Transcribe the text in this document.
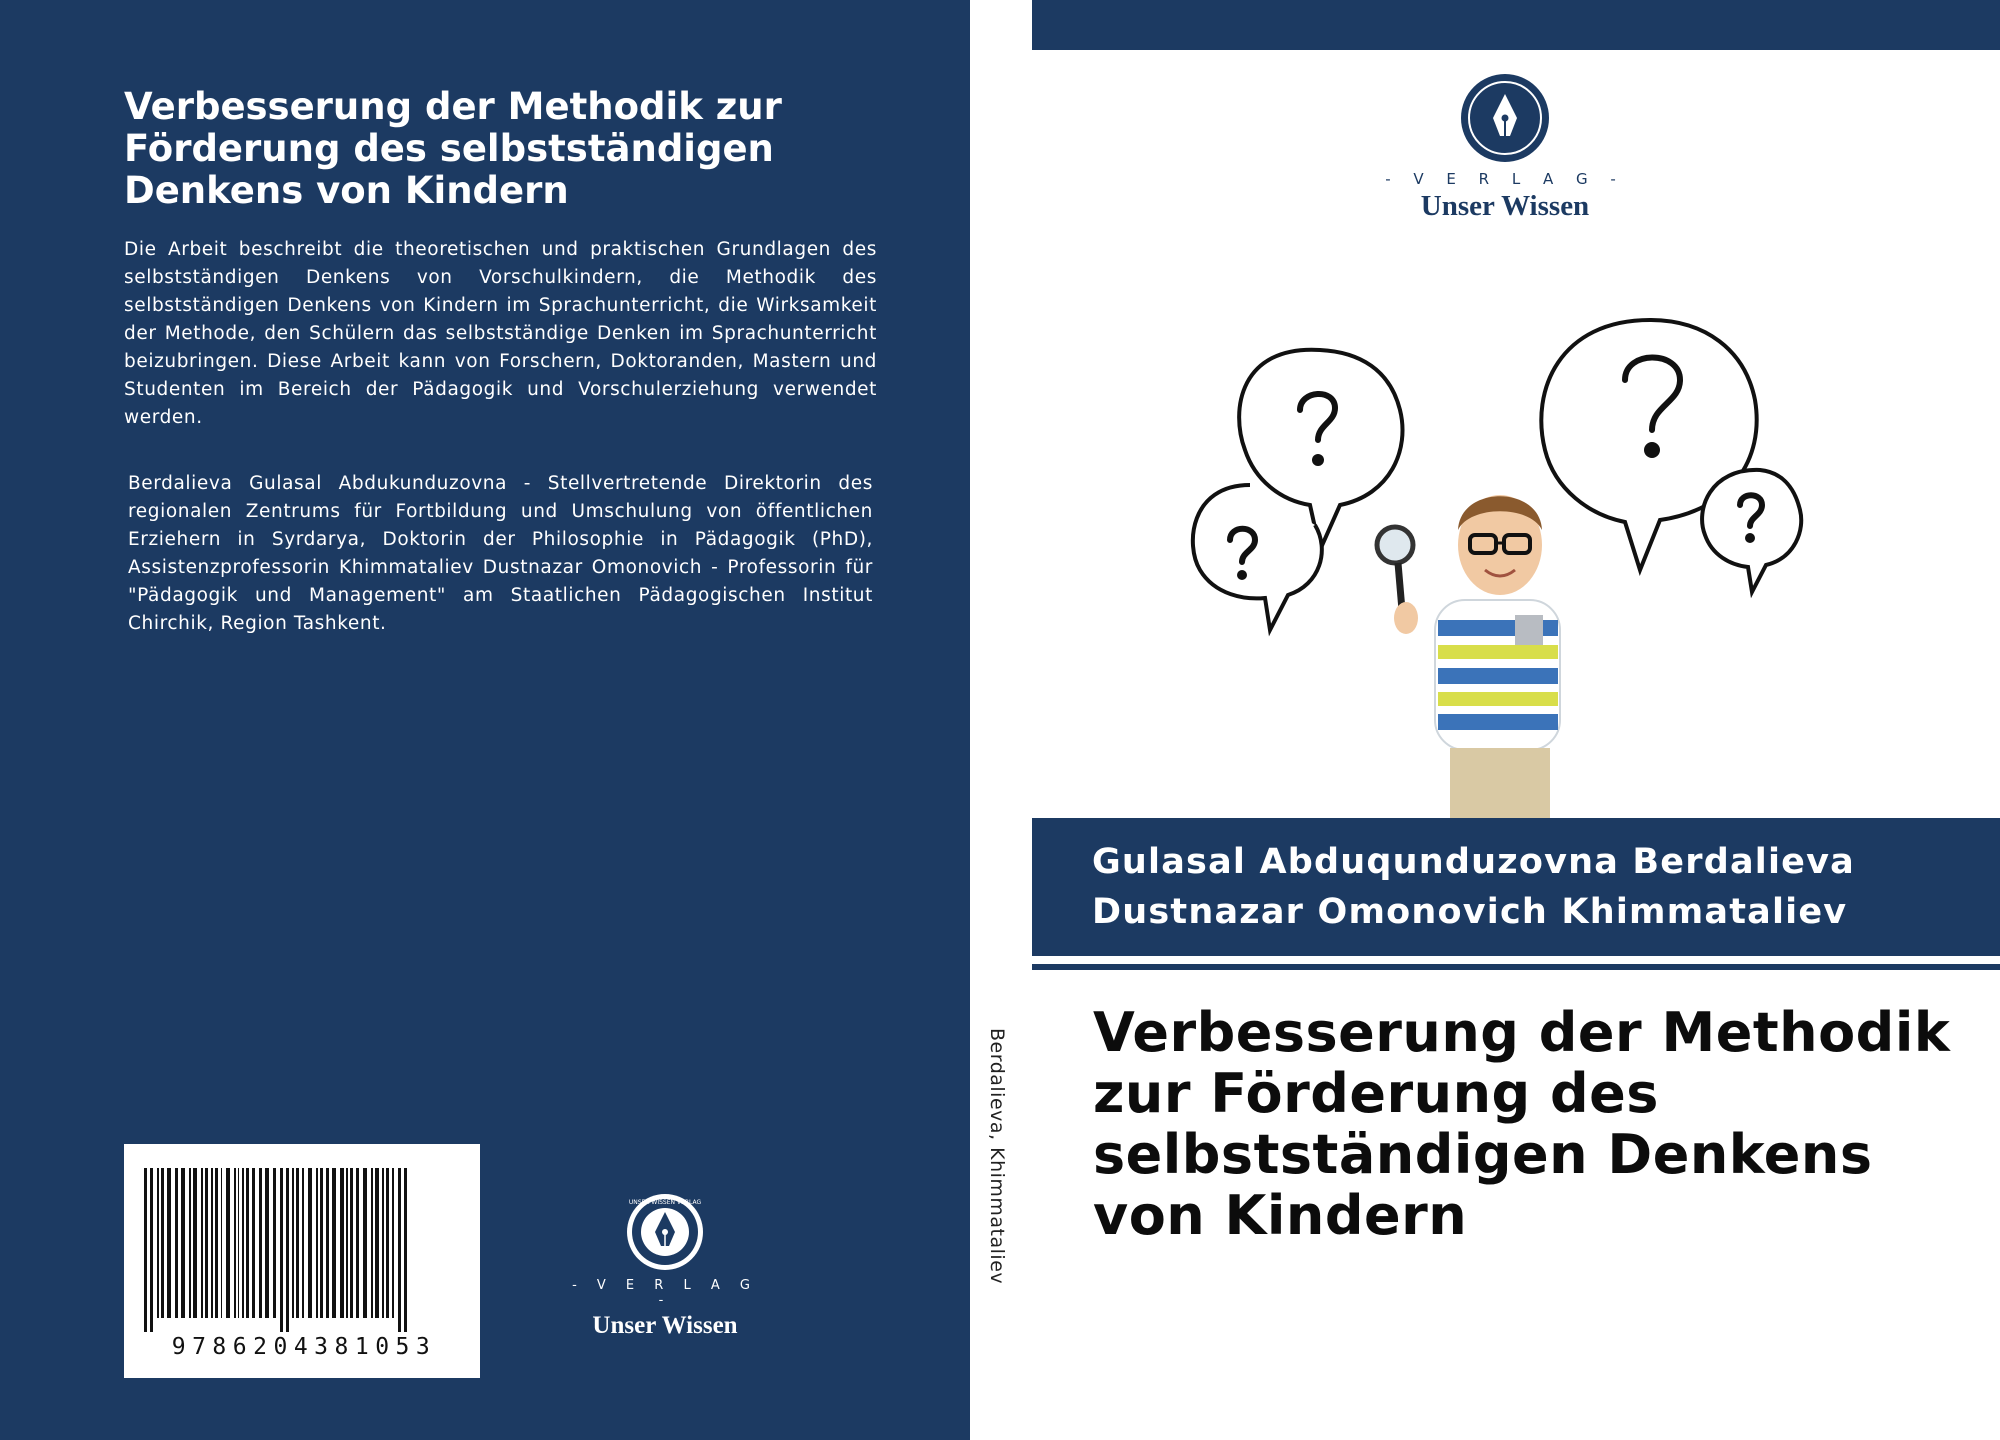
Verbesserung der Methodik zur Förderung des selbstständigen Denkens von Kindern

Die Arbeit beschreibt die theoretischen und praktischen Grundlagen des selbstständigen Denkens von Vorschulkindern, die Methodik des selbstständigen Denkens von Kindern im Sprachunterricht, die Wirksamkeit der Methode, den Schülern das selbstständige Denken im Sprachunterricht beizubringen. Diese Arbeit kann von Forschern, Doktoranden, Mastern und Studenten im Bereich der Pädagogik und Vorschulerziehung verwendet werden.

Berdalieva Gulasal Abdukunduzovna - Stellvertretende Direktorin des regionalen Zentrums für Fortbildung und Umschulung von öffentlichen Erziehern in Syrdarya, Doktorin der Philosophie in Pädagogik (PhD), Assistenzprofessorin Khimmataliev Dustnazar Omonovich - Professorin für "Pädagogik und Management" am Staatlichen Pädagogischen Institut Chirchik, Region Tashkent.

9786204381053
UNSER WISSEN VERLAG
- V E R L A G -
Unser Wissen
Berdalieva, Khimmataliev
- V E R L A G -
Unser Wissen
Gulasal Abduqunduzovna Berdalieva
Dustnazar Omonovich Khimmataliev
Verbesserung der Methodik zur Förderung des selbstständigen Denkens von Kindern
